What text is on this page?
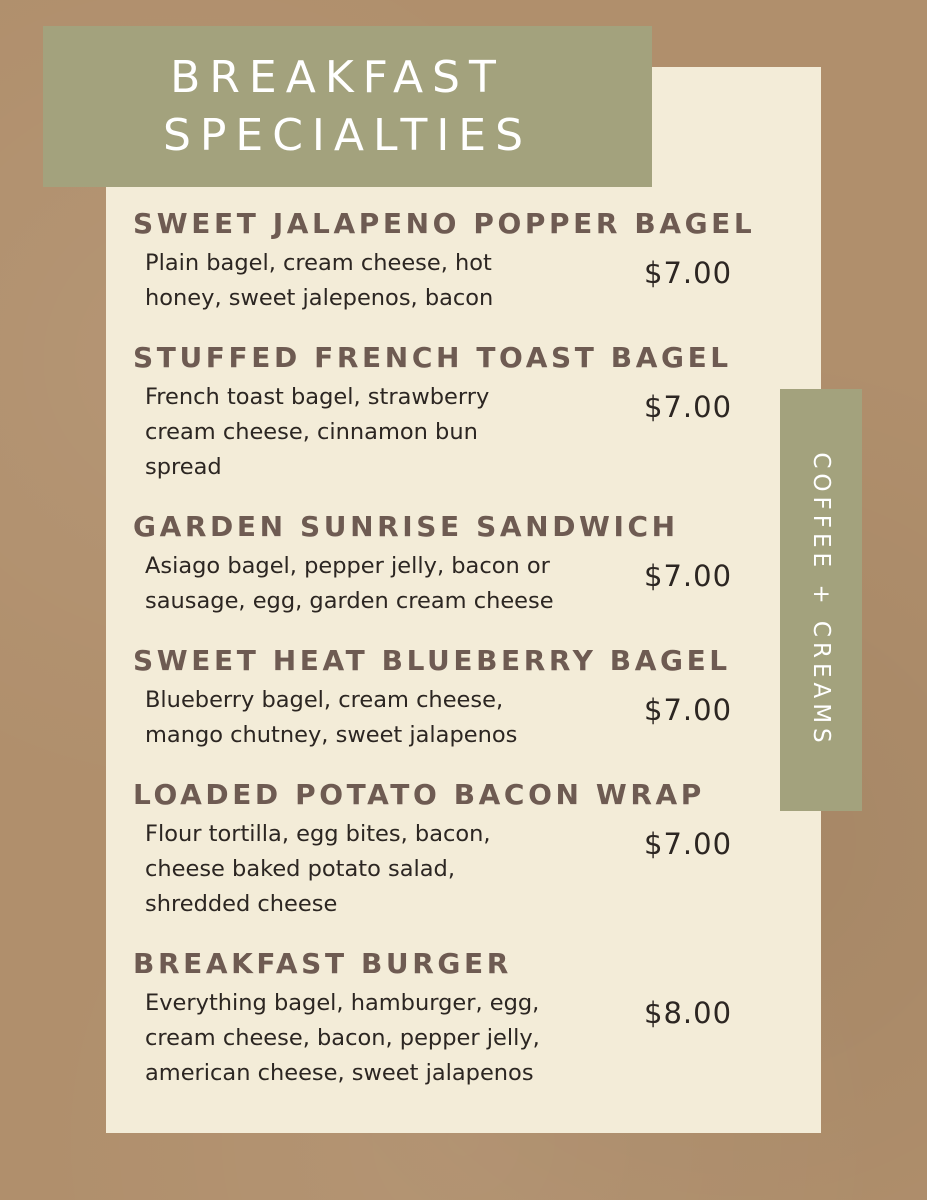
BREAKFAST
SPECIALTIES
COFFEE + CREAMS
SWEET JALAPENO POPPER BAGEL
Plain bagel, cream cheese, hot
honey, sweet jalepenos, bacon
$7.00
STUFFED FRENCH TOAST BAGEL
French toast bagel, strawberry
cream cheese, cinnamon bun
spread
$7.00
GARDEN SUNRISE SANDWICH
Asiago bagel, pepper jelly, bacon or
sausage, egg, garden cream cheese
$7.00
SWEET HEAT BLUEBERRY BAGEL
Blueberry bagel, cream cheese,
mango chutney, sweet jalapenos
$7.00
LOADED POTATO BACON WRAP
Flour tortilla, egg bites, bacon,
cheese baked potato salad,
shredded cheese
$7.00
BREAKFAST BURGER
Everything bagel, hamburger, egg,
cream cheese, bacon, pepper jelly,
american cheese, sweet jalapenos
$8.00
